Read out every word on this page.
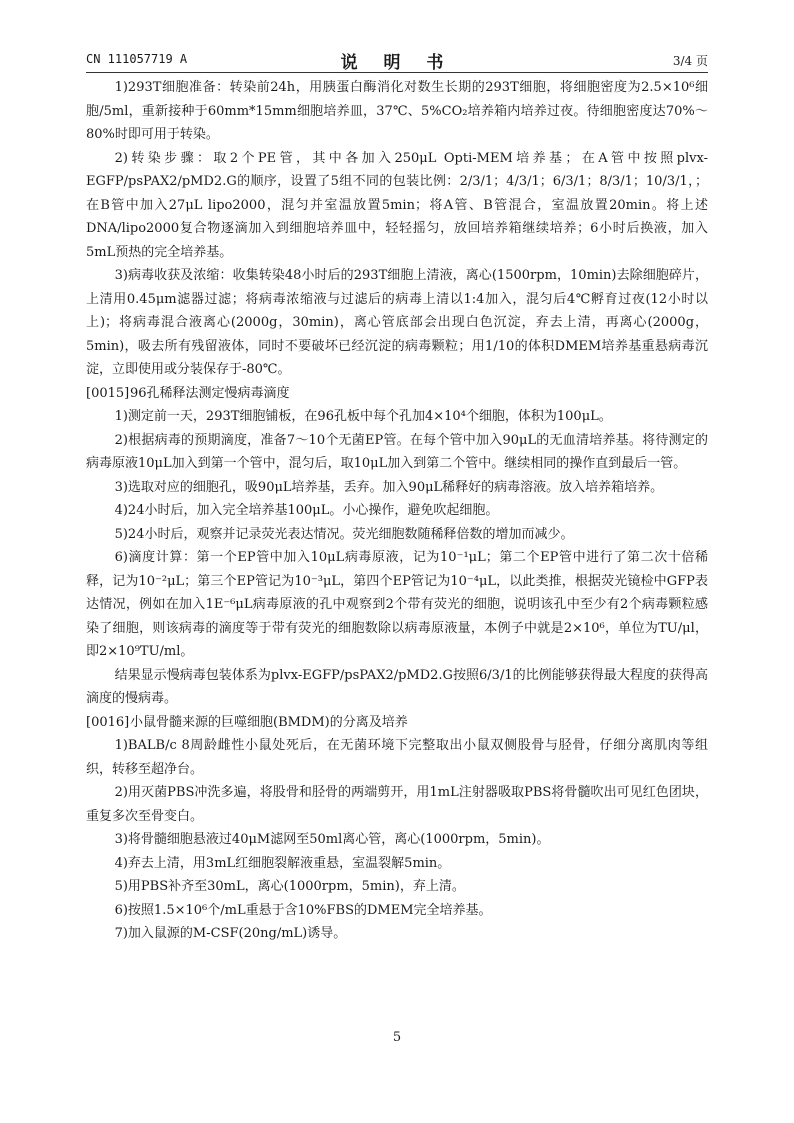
CN 111057719 A	说 明 书	3/4 页

1)293T细胞准备：转染前24h，用胰蛋白酶消化对数生长期的293T细胞，将细胞密度为2.5×10⁶细胞/5ml，重新接种于60mm*15mm细胞培养皿，37℃、5%CO₂培养箱内培养过夜。待细胞密度达70%～80%时即可用于转染。

2)转染步骤：取2个PE管，其中各加入250μL Opti-MEM培养基；在A管中按照plvx-EGFP/psPAX2/pMD2.G的顺序，设置了5组不同的包装比例：2/3/1；4/3/1；6/3/1；8/3/1；10/3/1，；在B管中加入27μL lipo2000，混匀并室温放置5min；将A管、B管混合，室温放置20min。将上述DNA/lipo2000复合物逐滴加入到细胞培养皿中，轻轻摇匀，放回培养箱继续培养；6小时后换液，加入5mL预热的完全培养基。

3)病毒收获及浓缩：收集转染48小时后的293T细胞上清液，离心(1500rpm，10min)去除细胞碎片，上清用0.45μm滤器过滤；将病毒浓缩液与过滤后的病毒上清以1:4加入，混匀后4℃孵育过夜(12小时以上)；将病毒混合液离心(2000g，30min)，离心管底部会出现白色沉淀，弃去上清，再离心(2000g，5min)，吸去所有残留液体，同时不要破坏已经沉淀的病毒颗粒；用1/10的体积DMEM培养基重悬病毒沉淀，立即使用或分装保存于-80℃。

[0015] 96孔稀释法测定慢病毒滴度

1)测定前一天，293T细胞铺板，在96孔板中每个孔加4×10⁴个细胞，体积为100μL。

2)根据病毒的预期滴度，准备7～10个无菌EP管。在每个管中加入90μL的无血清培养基。将待测定的病毒原液10μL加入到第一个管中，混匀后，取10μL加入到第二个管中。继续相同的操作直到最后一管。

3)选取对应的细胞孔，吸90μL培养基，丢弃。加入90μL稀释好的病毒溶液。放入培养箱培养。

4)24小时后，加入完全培养基100μL。小心操作，避免吹起细胞。

5)24小时后，观察并记录荧光表达情况。荧光细胞数随稀释倍数的增加而减少。

6)滴度计算：第一个EP管中加入10μL病毒原液，记为10⁻¹μL；第二个EP管中进行了第二次十倍稀释，记为10⁻²μL；第三个EP管记为10⁻³μL，第四个EP管记为10⁻⁴μL，以此类推，根据荧光镜检中GFP表达情况，例如在加入1E⁻⁶μL病毒原液的孔中观察到2个带有荧光的细胞，说明该孔中至少有2个病毒颗粒感染了细胞，则该病毒的滴度等于带有荧光的细胞数除以病毒原液量，本例子中就是2×10⁶，单位为TU/μl，即2×10⁹TU/ml。

结果显示慢病毒包装体系为plvx-EGFP/psPAX2/pMD2.G按照6/3/1的比例能够获得最大程度的获得高滴度的慢病毒。

[0016] 小鼠骨髓来源的巨噬细胞(BMDM)的分离及培养

1)BALB/c 8周龄雌性小鼠处死后，在无菌环境下完整取出小鼠双侧股骨与胫骨，仔细分离肌肉等组织，转移至超净台。

2)用灭菌PBS冲洗多遍，将股骨和胫骨的两端剪开，用1mL注射器吸取PBS将骨髓吹出可见红色团块，重复多次至骨变白。

3)将骨髓细胞悬液过40μM滤网至50ml离心管，离心(1000rpm，5min)。

4)弃去上清，用3mL红细胞裂解液重悬，室温裂解5min。

5)用PBS补齐至30mL，离心(1000rpm，5min)，弃上清。

6)按照1.5×10⁶个/mL重悬于含10%FBS的DMEM完全培养基。

7)加入鼠源的M-CSF(20ng/mL)诱导。

5
